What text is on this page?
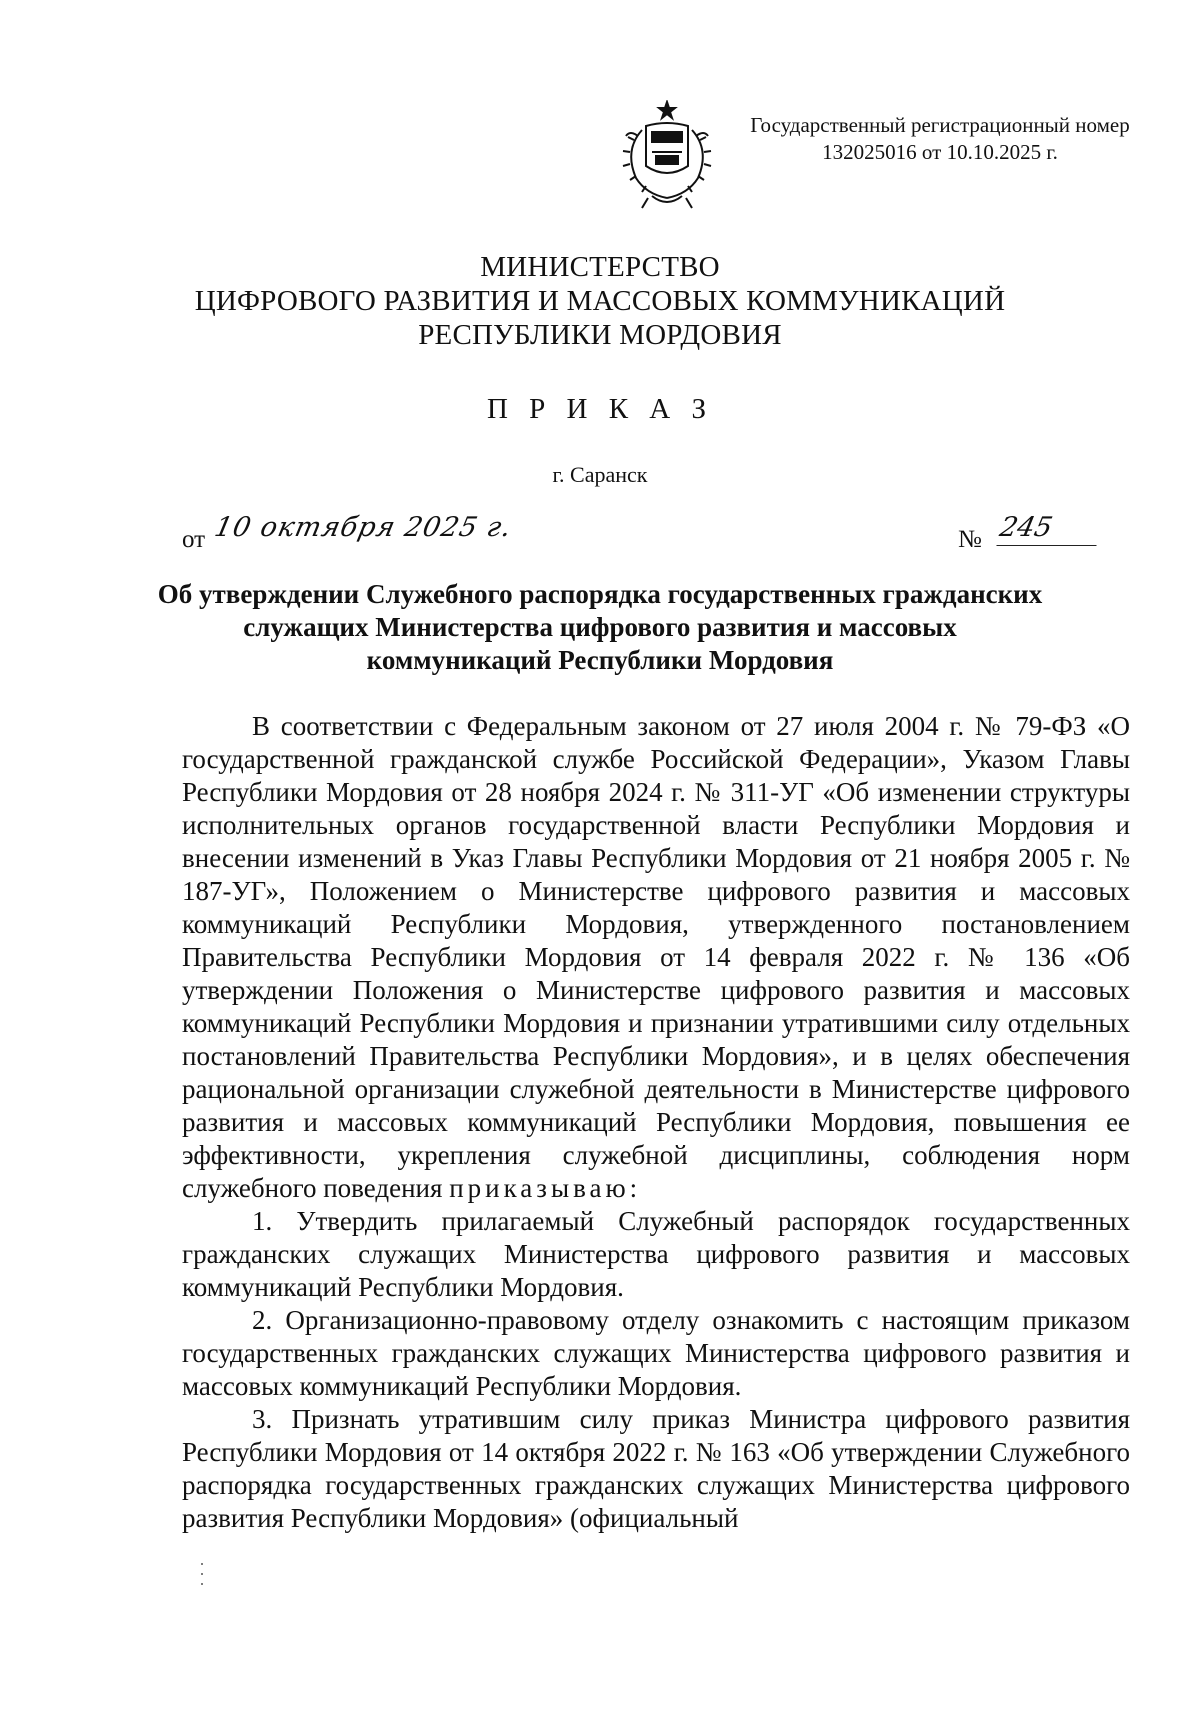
Государственный регистрационный номер
132025016 от 10.10.2025 г.
МИНИСТЕРСТВО
ЦИФРОВОГО РАЗВИТИЯ И МАССОВЫХ КОММУНИКАЦИЙ
РЕСПУБЛИКИ МОРДОВИЯ
П Р И К А З
г. Саранск
от 10 октября 2025 г.	№ 245
Об утверждении Служебного распорядка государственных гражданских
служащих Министерства цифрового развития и массовых
коммуникаций Республики Мордовия

В соответствии с Федеральным законом от 27 июля 2004 г. № 79-ФЗ «О государственной гражданской службе Российской Федерации», Указом Главы Республики Мордовия от 28 ноября 2024 г. № 311-УГ «Об изменении структуры исполнительных органов государственной власти Республики Мордовия и внесении изменений в Указ Главы Республики Мордовия от 21 ноября 2005 г. № 187-УГ», Положением о Министерстве цифрового развития и массовых коммуникаций Республики Мордовия, утвержденного постановлением Правительства Республики Мордовия от 14 февраля 2022 г. № 136 «Об утверждении Положения о Министерстве цифрового развития и массовых коммуникаций Республики Мордовия и признании утратившими силу отдельных постановлений Правительства Республики Мордовия», и в целях обеспечения рациональной организации служебной деятельности в Министерстве цифрового развития и массовых коммуникаций Республики Мордовия, повышения ее эффективности, укрепления служебной дисциплины, соблюдения норм служебного поведения приказываю:

1. Утвердить прилагаемый Служебный распорядок государственных гражданских служащих Министерства цифрового развития и массовых коммуникаций Республики Мордовия.

2. Организационно-правовому отделу ознакомить с настоящим приказом государственных гражданских служащих Министерства цифрового развития и массовых коммуникаций Республики Мордовия.

3. Признать утратившим силу приказ Министра цифрового развития Республики Мордовия от 14 октября 2022 г. № 163 «Об утверждении Служебного распорядка государственных гражданских служащих Министерства цифрового развития Республики Мордовия» (официальный
